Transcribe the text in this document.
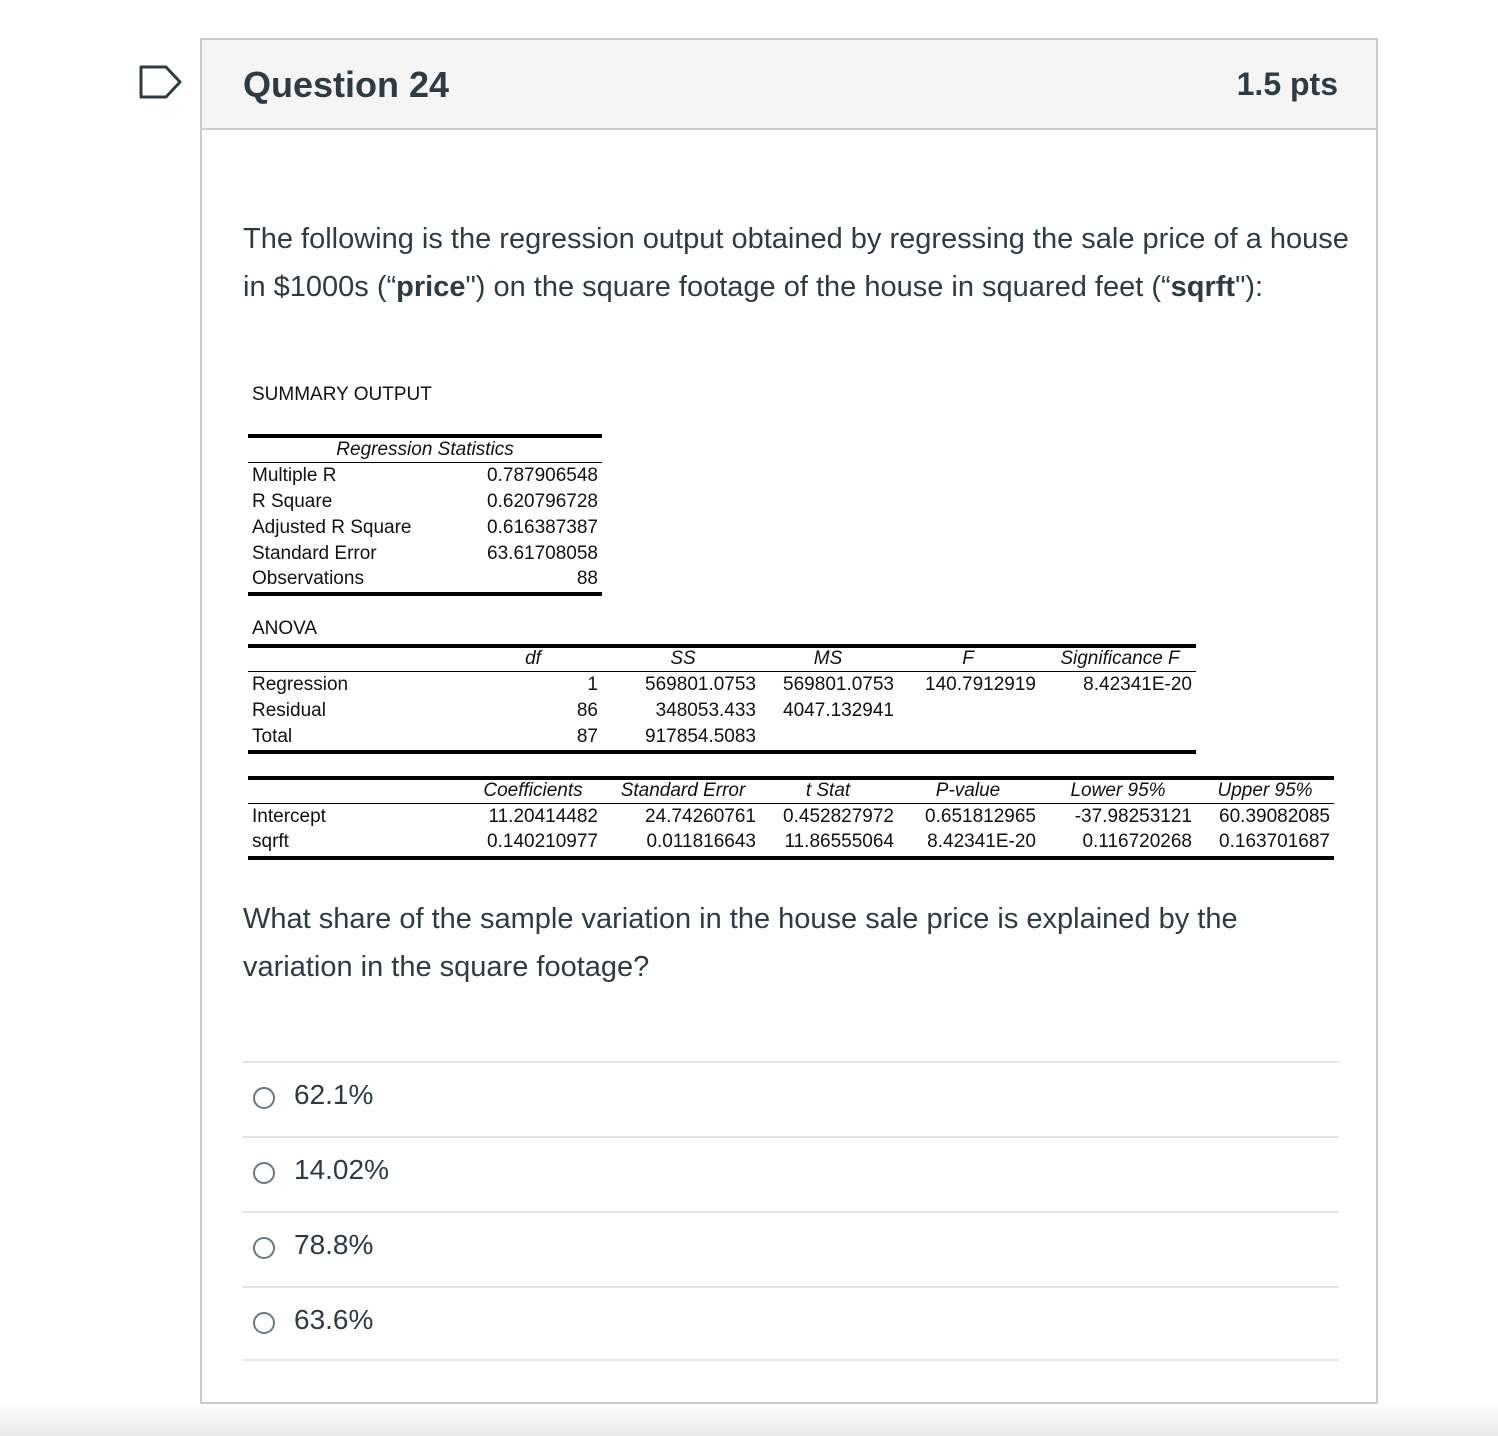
Question 24	1.5 pts
The following is the regression output obtained by regressing the sale price of a house in $1000s (“price") on the square footage of the house in squared feet (“sqrft"):
SUMMARY OUTPUT
Regression Statistics
Multiple R	0.787906548
R Square	0.620796728
Adjusted R Square	0.616387387
Standard Error	63.61708058
Observations	88
ANOVA
df	SS	MS	F	Significance F
Regression	1 569801.0753 569801.0753 140.7912919 8.42341E-20
Residual	86	348053.433 4047.132941
Total	87 917854.5083
Coefficients	Standard Error	t Stat	P-value	Lower 95%	Upper 95%
Intercept	11.20414482 24.74260761 0.452827972 0.651812965 -37.98253121 60.39082085
sqrft	0.140210977	0.011816643 11.86555064 8.42341E-20 0.116720268 0.163701687
What share of the sample variation in the house sale price is explained by the variation in the square footage?
62.1%
14.02%
78.8%
63.6%
